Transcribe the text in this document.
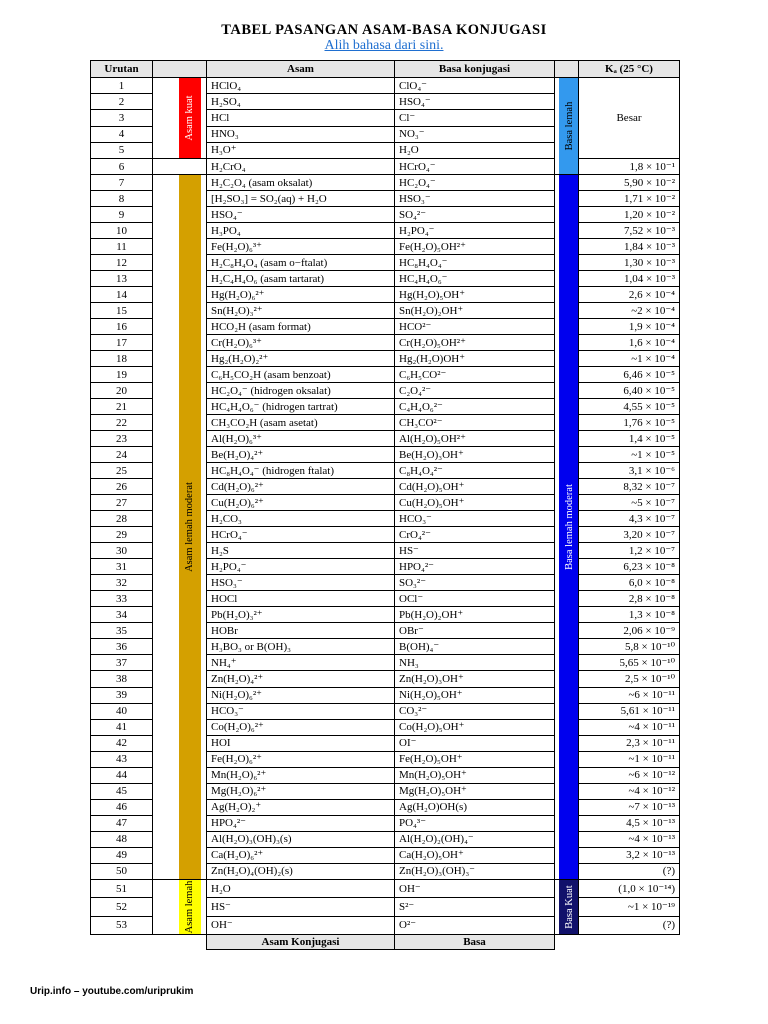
TABEL PASANGAN ASAM-BASA KONJUGASI
Alih bahasa dari sini.
Urutan		Asam	Basa konjugasi		Kₐ (25 °C)
1	Asam kuat	HClO₄	ClO₄⁻	Basa lemah	Besar
2		H₂SO₄	HSO₄⁻		
3		HCl	Cl⁻		
4		HNO₃	NO₃⁻		
5		H₃O⁺	H₂O		
6		H₂CrO₄	HCrO₄⁻		1,8 × 10⁻¹
7	Asam lemah moderat	H₂C₂O₄ (asam oksalat)	HC₂O₄⁻	Basa lemah moderat	5,90 × 10⁻²
8		[H₂SO₃] = SO₂(aq) + H₂O	HSO₃⁻		1,71 × 10⁻²
9		HSO₄⁻	SO₄²⁻		1,20 × 10⁻²
10		H₃PO₄	H₂PO₄⁻		7,52 × 10⁻³
11		Fe(H₂O)₆³⁺	Fe(H₂O)₅OH²⁺		1,84 × 10⁻³
12		H₂C₈H₄O₄ (asam o−ftalat)	HC₈H₄O₄⁻		1,30 × 10⁻³
13		H₂C₄H₄O₆ (asam tartarat)	HC₄H₄O₆⁻		1,04 × 10⁻³
14		Hg(H₂O)₆²⁺	Hg(H₂O)₅OH⁺		2,6 × 10⁻⁴
15		Sn(H₂O)₃²⁺	Sn(H₂O)₂OH⁺		~2 × 10⁻⁴
16		HCO₂H (asam format)	HCO²⁻		1,9 × 10⁻⁴
17		Cr(H₂O)₆³⁺	Cr(H₂O)₅OH²⁺		1,6 × 10⁻⁴
18		Hg₂(H₂O)₂²⁺	Hg₂(H₂O)OH⁺		~1 × 10⁻⁴
19		C₆H₅CO₂H (asam benzoat)	C₆H₅CO²⁻		6,46 × 10⁻⁵
20		HC₂O₄⁻ (hidrogen oksalat)	C₂O₄²⁻		6,40 × 10⁻⁵
21		HC₄H₄O₆⁻ (hidrogen tartrat)	C₄H₄O₆²⁻		4,55 × 10⁻⁵
22		CH₃CO₂H (asam asetat)	CH₃CO²⁻		1,76 × 10⁻⁵
23		Al(H₂O)₆³⁺	Al(H₂O)₅OH²⁺		1,4 × 10⁻⁵
24		Be(H₂O)₄²⁺	Be(H₂O)₃OH⁺		~1 × 10⁻⁵
25		HC₈H₄O₄⁻ (hidrogen ftalat)	C₈H₄O₄²⁻		3,1 × 10⁻⁶
26		Cd(H₂O)₆²⁺	Cd(H₂O)₅OH⁺		8,32 × 10⁻⁷
27		Cu(H₂O)₆²⁺	Cu(H₂O)₅OH⁺		~5 × 10⁻⁷
28		H₂CO₃	HCO₃⁻		4,3 × 10⁻⁷
29		HCrO₄⁻	CrO₄²⁻		3,20 × 10⁻⁷
30		H₂S	HS⁻		1,2 × 10⁻⁷
31		H₂PO₄⁻	HPO₄²⁻		6,23 × 10⁻⁸
32		HSO₃⁻	SO₃²⁻		6,0 × 10⁻⁸
33		HOCl	OCl⁻		2,8 × 10⁻⁸
34		Pb(H₂O)₃²⁺	Pb(H₂O)₂OH⁺		1,3 × 10⁻⁸
35		HOBr	OBr⁻		2,06 × 10⁻⁹
36		H₃BO₃ or B(OH)₃	B(OH)₄⁻		5,8 × 10⁻¹⁰
37		NH₄⁺	NH₃		5,65 × 10⁻¹⁰
38		Zn(H₂O)₄²⁺	Zn(H₂O)₃OH⁺		2,5 × 10⁻¹⁰
39		Ni(H₂O)₆²⁺	Ni(H₂O)₅OH⁺		~6 × 10⁻¹¹
40		HCO₃⁻	CO₃²⁻		5,61 × 10⁻¹¹
41		Co(H₂O)₆²⁺	Co(H₂O)₅OH⁺		~4 × 10⁻¹¹
42		HOI	OI⁻		2,3 × 10⁻¹¹
43		Fe(H₂O)₆²⁺	Fe(H₂O)₅OH⁺		~1 × 10⁻¹¹
44		Mn(H₂O)₆²⁺	Mn(H₂O)₅OH⁺		~6 × 10⁻¹²
45		Mg(H₂O)₆²⁺	Mg(H₂O)₅OH⁺		~4 × 10⁻¹²
46		Ag(H₂O)₂⁺	Ag(H₂O)OH(s)		~7 × 10⁻¹³
47		HPO₄²⁻	PO₄³⁻		4,5 × 10⁻¹³
48		Al(H₂O)₃(OH)₃(s)	Al(H₂O)₂(OH)₄⁻		~4 × 10⁻¹³
49		Ca(H₂O)₆²⁺	Ca(H₂O)₅OH⁺		3,2 × 10⁻¹³
50		Zn(H₂O)₄(OH)₂(s)	Zn(H₂O)₃(OH)₃⁻		(?)
51	Asam lemah	H₂O	OH⁻	Basa Kuat	(1,0 × 10⁻¹⁴)
52		HS⁻	S²⁻		~1 × 10⁻¹⁹
53		OH⁻	O²⁻		(?)
		Asam Konjugasi	Basa		
Urip.info – youtube.com/uriprukim
